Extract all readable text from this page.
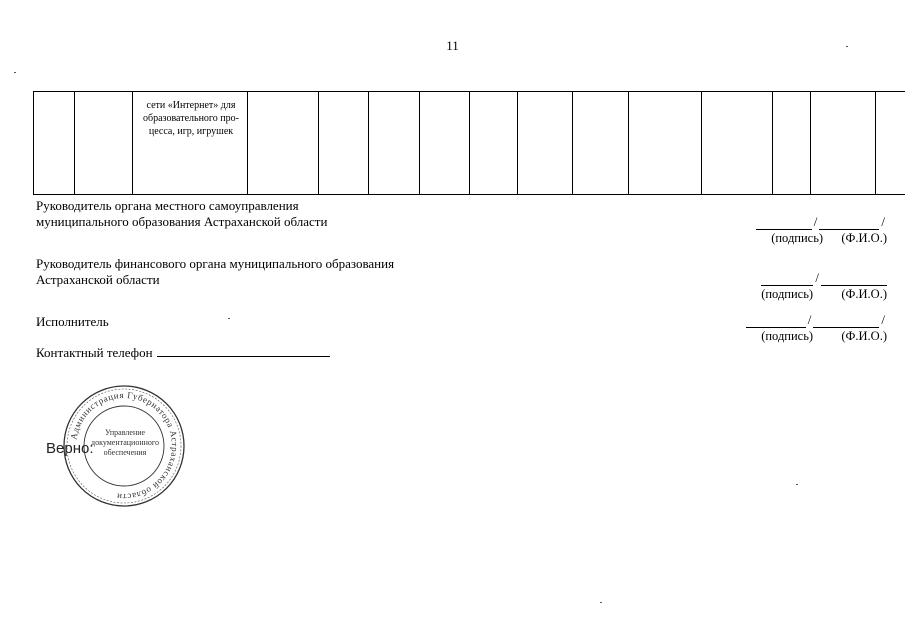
11

сети «Интернет» для образовательного про-цесса, игр, игрушек

Руководитель органа местного самоуправления
муниципального образования Астраханской области	/	/
(подпись) (Ф.И.О.)
Руководитель финансового органа муниципального образования
Астраханской области	/
(подпись) (Ф.И.О.)
Исполнитель	/	/
(подпись) (Ф.И.О.)
Контактный телефон
Администрация Губернатора Астраханской области
Управление документационного обеспечения
Верно:
